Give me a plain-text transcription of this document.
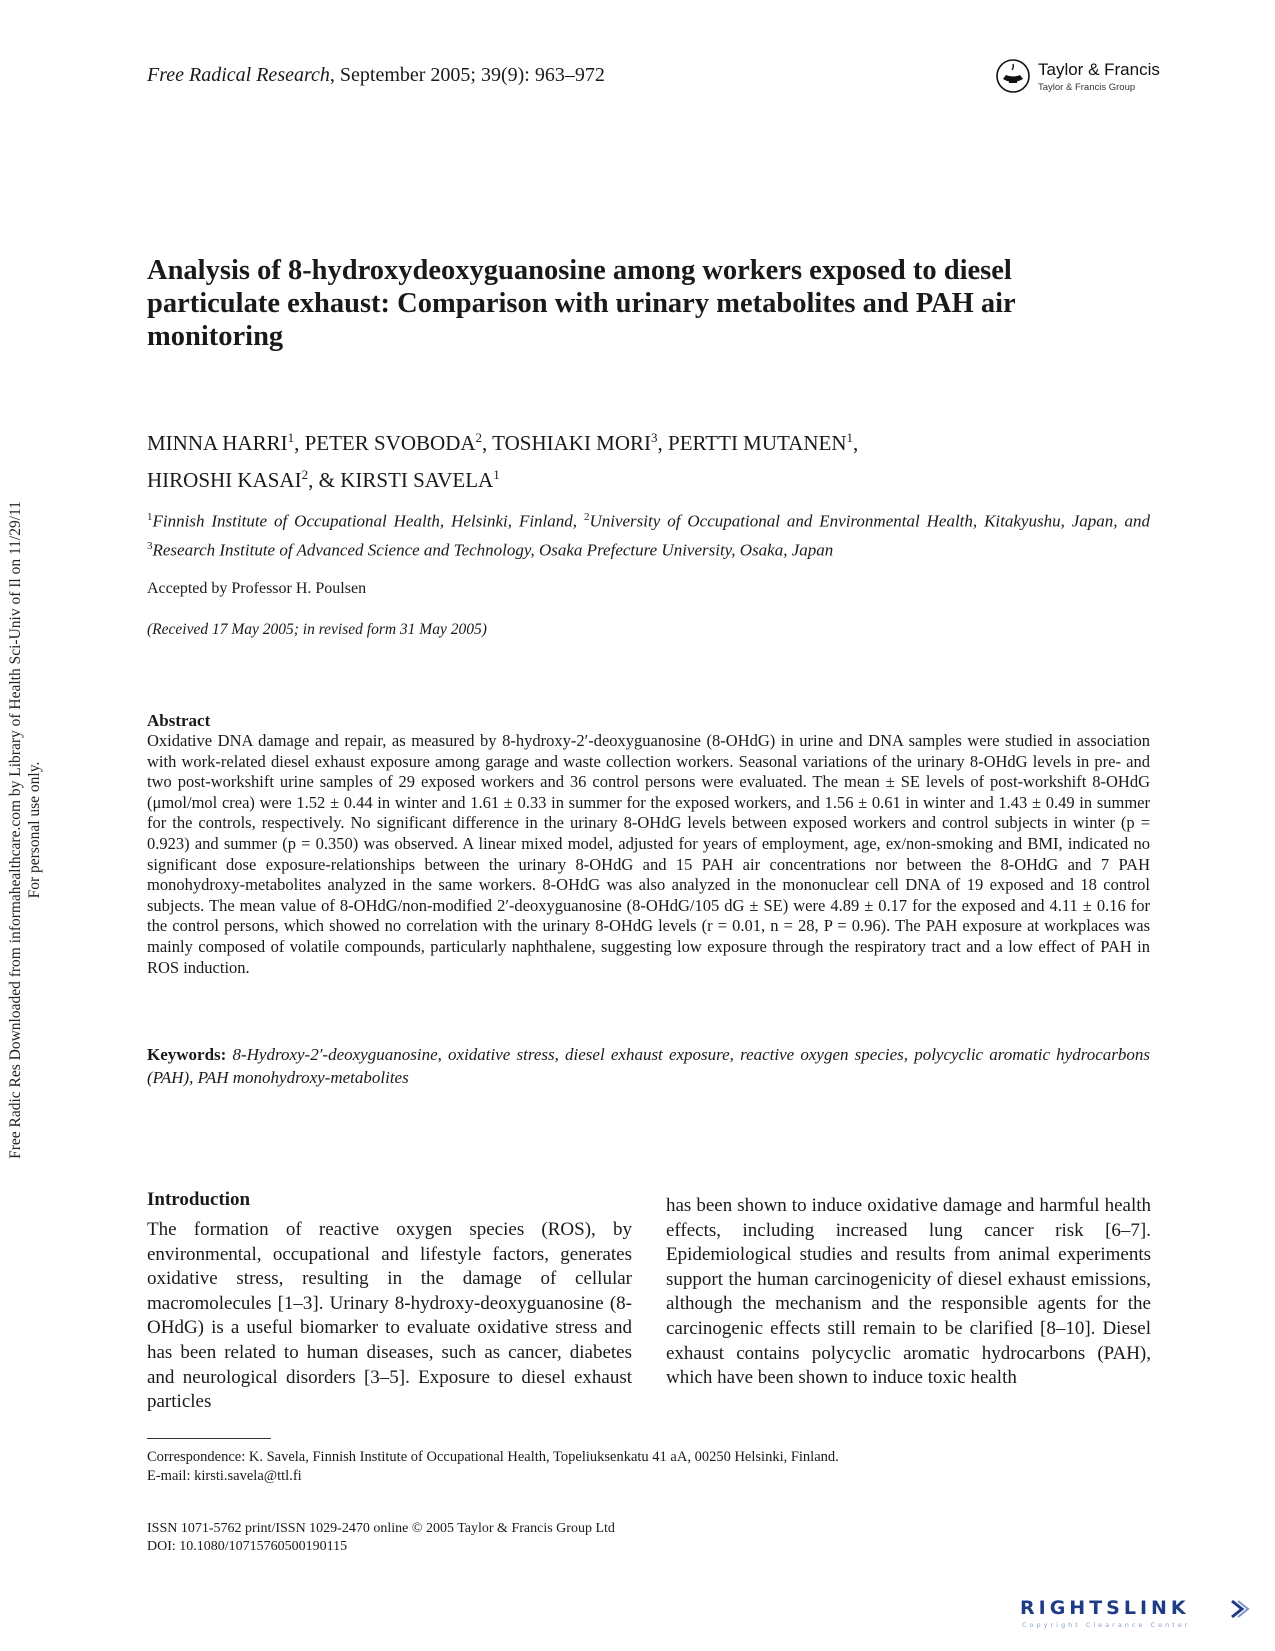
Free Radic Res Downloaded from informahealthcare.com by Library of Health Sci-Univ of Il on 11/29/11 For personal use only.
Free Radical Research, September 2005; 39(9): 963–972	Taylor & Francis
Taylor & Francis Group
Analysis of 8-hydroxydeoxyguanosine among workers exposed to diesel particulate exhaust: Comparison with urinary metabolites and PAH air monitoring
MINNA HARRI$^1$, PETER SVOBODA$^2$, TOSHIAKI MORI$^3$, PERTTI MUTANEN$^1$,
HIROSHI KASAI$^2$, & KIRSTI SAVELA$^1$
$^1$Finnish Institute of Occupational Health, Helsinki, Finland, $^2$University of Occupational and Environmental Health, Kitakyushu, Japan, and $^3$Research Institute of Advanced Science and Technology, Osaka Prefecture University, Osaka, Japan
Accepted by Professor H. Poulsen
(Received 17 May 2005; in revised form 31 May 2005)
Abstract

Oxidative DNA damage and repair, as measured by 8-hydroxy-2′-deoxyguanosine (8-OHdG) in urine and DNA samples were studied in association with work-related diesel exhaust exposure among garage and waste collection workers. Seasonal variations of the urinary 8-OHdG levels in pre- and two post-workshift urine samples of 29 exposed workers and 36 control persons were evaluated. The mean ± SE levels of post-workshift 8-OHdG (μmol/mol crea) were 1.52 ± 0.44 in winter and 1.61 ± 0.33 in summer for the exposed workers, and 1.56 ± 0.61 in winter and 1.43 ± 0.49 in summer for the controls, respectively. No significant difference in the urinary 8-OHdG levels between exposed workers and control subjects in winter (p = 0.923) and summer (p = 0.350) was observed. A linear mixed model, adjusted for years of employment, age, ex/non-smoking and BMI, indicated no significant dose exposure-relationships between the urinary 8-OHdG and 15 PAH air concentrations nor between the 8-OHdG and 7 PAH monohydroxy-metabolites analyzed in the same workers. 8-OHdG was also analyzed in the mononuclear cell DNA of 19 exposed and 18 control subjects. The mean value of 8-OHdG/non-modified 2′-deoxyguanosine (8-OHdG/105 dG ± SE) were 4.89 ± 0.17 for the exposed and 4.11 ± 0.16 for the control persons, which showed no correlation with the urinary 8-OHdG levels (r = 0.01, n = 28, P = 0.96). The PAH exposure at workplaces was mainly composed of volatile compounds, particularly naphthalene, suggesting low exposure through the respiratory tract and a low effect of PAH in ROS induction.

Keywords: 8-Hydroxy-2′-deoxyguanosine, oxidative stress, diesel exhaust exposure, reactive oxygen species, polycyclic aromatic hydrocarbons (PAH), PAH monohydroxy-metabolites

Introduction

The formation of reactive oxygen species (ROS), by environmental, occupational and lifestyle factors, generates oxidative stress, resulting in the damage of cellular macromolecules [1–3]. Urinary 8-hydroxy-deoxyguanosine (8-OHdG) is a useful biomarker to evaluate oxidative stress and has been related to human diseases, such as cancer, diabetes and neurological disorders [3–5]. Exposure to diesel exhaust particles

has been shown to induce oxidative damage and harmful health effects, including increased lung cancer risk [6–7]. Epidemiological studies and results from animal experiments support the human carcinogenicity of diesel exhaust emissions, although the mechanism and the responsible agents for the carcinogenic effects still remain to be clarified [8–10]. Diesel exhaust contains polycyclic aromatic hydrocarbons (PAH), which have been shown to induce toxic health

Correspondence: K. Savela, Finnish Institute of Occupational Health, Topeliuksenkatu 41 aA, 00250 Helsinki, Finland.
E-mail: kirsti.savela@ttl.fi
ISSN 1071-5762 print/ISSN 1029-2470 online © 2005 Taylor & Francis Group Ltd
DOI: 10.1080/10715760500190115
RIGHTSLINK
Copyright Clearance Center
